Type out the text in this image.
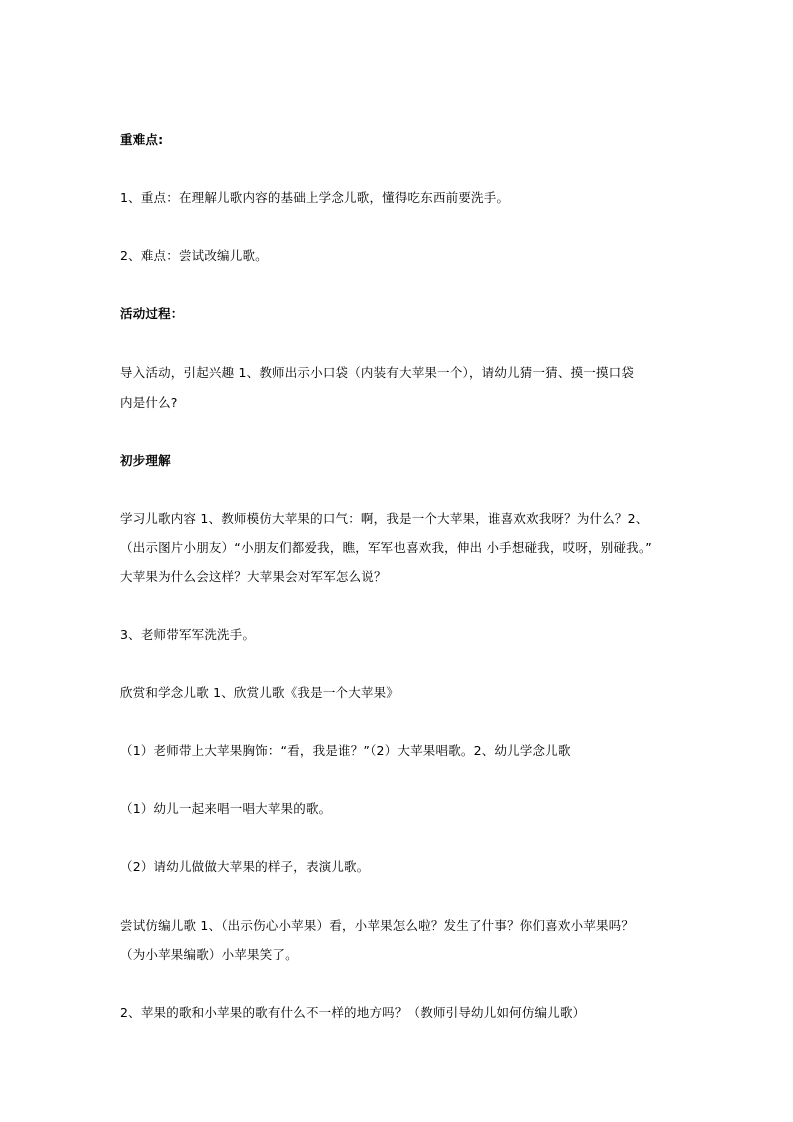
重难点:
1、重点：在理解儿歌内容的基础上学念儿歌，懂得吃东西前要洗手。
2、难点：尝试改编儿歌。
活动过程：
导入活动，引起兴趣 1、教师出示小口袋（内装有大苹果一个），请幼儿猜一猜、摸一摸口袋
内是什么?
初步理解
学习儿歌内容 1、教师模仿大苹果的口气：啊，我是一个大苹果，谁喜欢欢我呀？为什么？2、
（出示图片小朋友）“小朋友们都爱我，瞧，军军也喜欢我，伸出 小手想碰我，哎呀，别碰我。”
大苹果为什么会这样？大苹果会对军军怎么说？
3、老师带军军洗洗手。
欣赏和学念儿歌 1、欣赏儿歌《我是一个大苹果》
（1）老师带上大苹果胸饰：“看，我是谁？”（2）大苹果唱歌。2、幼儿学念儿歌
（1）幼儿一起来唱一唱大苹果的歌。
（2）请幼儿做做大苹果的样子，表演儿歌。
尝试仿编儿歌 1、（出示伤心小苹果）看，小苹果怎么啦？发生了什事？你们喜欢小苹果吗？
（为小苹果编歌）小苹果笑了。
2、苹果的歌和小苹果的歌有什么不一样的地方吗？（教师引导幼儿如何仿编儿歌）
